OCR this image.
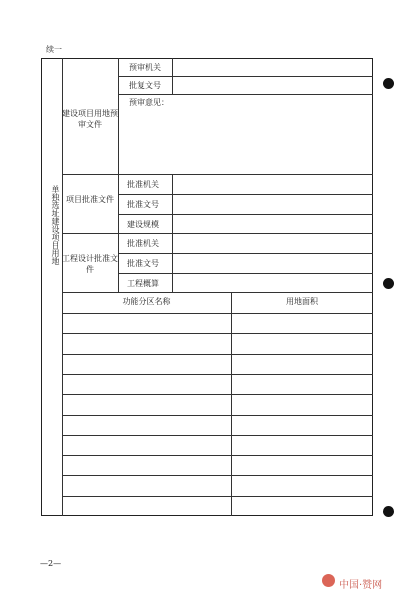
续一
单独选址建设项目用地
建设项目用地预审文件
预审机关
批复文号
预审意见：
项目批准文件
批准机关
批准文号
建设规模
工程设计批准文件
批准机关
批准文号
工程概算
功能分区名称	用地面积
—2—
中国·赞网
